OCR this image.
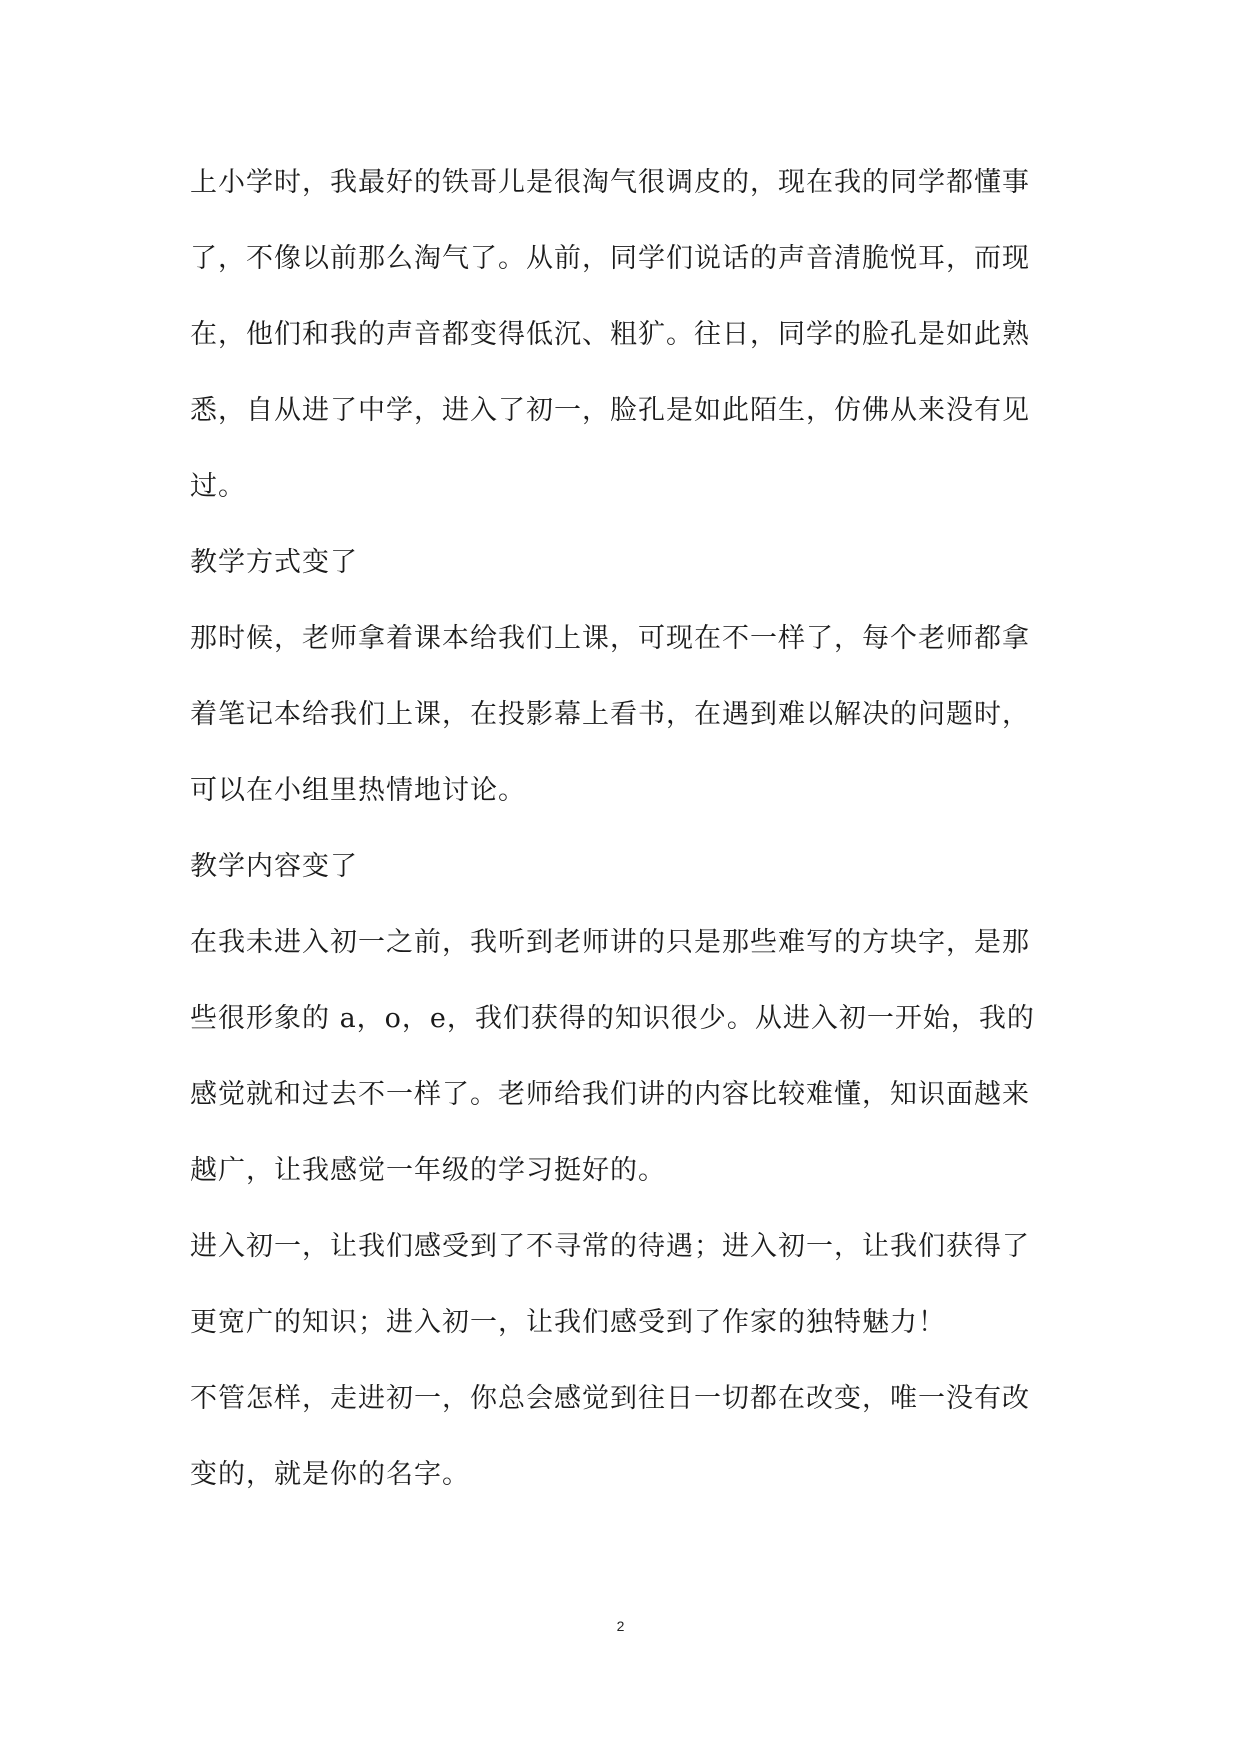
上小学时，我最好的铁哥儿是很淘气很调皮的，现在我的同学都懂事
了，不像以前那么淘气了。从前，同学们说话的声音清脆悦耳，而现
在，他们和我的声音都变得低沉、粗犷。往日，同学的脸孔是如此熟
悉，自从进了中学，进入了初一，脸孔是如此陌生，仿佛从来没有见
过。
教学方式变了
那时候，老师拿着课本给我们上课，可现在不一样了，每个老师都拿
着笔记本给我们上课，在投影幕上看书，在遇到难以解决的问题时，
可以在小组里热情地讨论。
教学内容变了
在我未进入初一之前，我听到老师讲的只是那些难写的方块字，是那
些很形象的 a，o，e，我们获得的知识很少。从进入初一开始，我的
感觉就和过去不一样了。老师给我们讲的内容比较难懂，知识面越来
越广，让我感觉一年级的学习挺好的。
进入初一，让我们感受到了不寻常的待遇；进入初一，让我们获得了
更宽广的知识；进入初一，让我们感受到了作家的独特魅力！
不管怎样，走进初一，你总会感觉到往日一切都在改变，唯一没有改
变的，就是你的名字。
2
